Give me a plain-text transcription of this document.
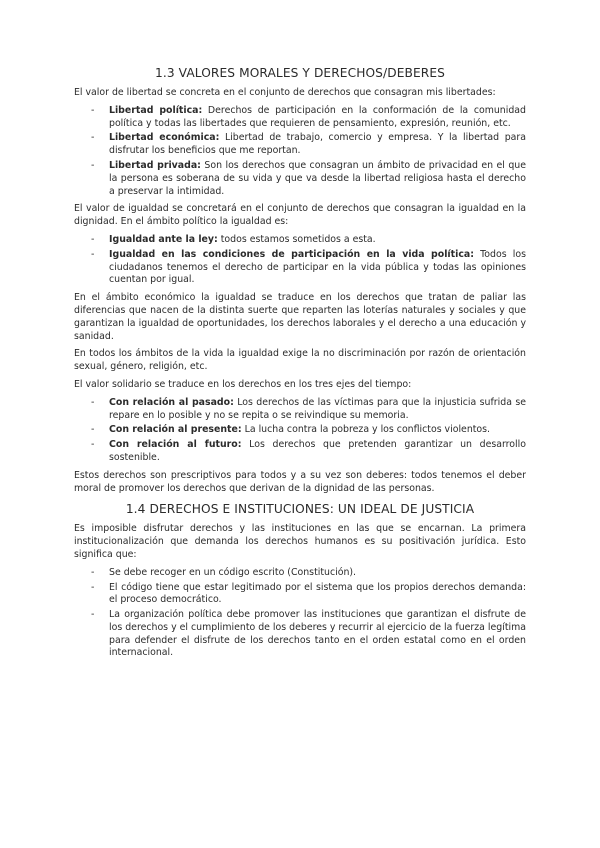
1.3 VALORES MORALES Y DERECHOS/DEBERES

El valor de libertad se concreta en el conjunto de derechos que consagran mis libertades:

- Libertad política: Derechos de participación en la conformación de la comunidad política y todas las libertades que requieren de pensamiento, expresión, reunión, etc.
- Libertad económica: Libertad de trabajo, comercio y empresa. Y la libertad para disfrutar los beneficios que me reportan.
- Libertad privada: Son los derechos que consagran un ámbito de privacidad en el que la persona es soberana de su vida y que va desde la libertad religiosa hasta el derecho a preservar la intimidad.

El valor de igualdad se concretará en el conjunto de derechos que consagran la igualdad en la dignidad. En el ámbito político la igualdad es:

- Igualdad ante la ley: todos estamos sometidos a esta.
- Igualdad en las condiciones de participación en la vida política: Todos los ciudadanos tenemos el derecho de participar en la vida pública y todas las opiniones cuentan por igual.

En el ámbito económico la igualdad se traduce en los derechos que tratan de paliar las diferencias que nacen de la distinta suerte que reparten las loterías naturales y sociales y que garantizan la igualdad de oportunidades, los derechos laborales y el derecho a una educación y sanidad.

En todos los ámbitos de la vida la igualdad exige la no discriminación por razón de orientación sexual, género, religión, etc.

El valor solidario se traduce en los derechos en los tres ejes del tiempo:

- Con relación al pasado: Los derechos de las víctimas para que la injusticia sufrida se repare en lo posible y no se repita o se reivindique su memoria.
- Con relación al presente: La lucha contra la pobreza y los conflictos violentos.
- Con relación al futuro: Los derechos que pretenden garantizar un desarrollo sostenible.

Estos derechos son prescriptivos para todos y a su vez son deberes: todos tenemos el deber moral de promover los derechos que derivan de la dignidad de las personas.

1.4 DERECHOS E INSTITUCIONES: UN IDEAL DE JUSTICIA

Es imposible disfrutar derechos y las instituciones en las que se encarnan. La primera institucionalización que demanda los derechos humanos es su positivación jurídica. Esto significa que:

- Se debe recoger en un código escrito (Constitución).
- El código tiene que estar legitimado por el sistema que los propios derechos demanda: el proceso democrático.
- La organización política debe promover las instituciones que garantizan el disfrute de los derechos y el cumplimiento de los deberes y recurrir al ejercicio de la fuerza legítima para defender el disfrute de los derechos tanto en el orden estatal como en el orden internacional.
